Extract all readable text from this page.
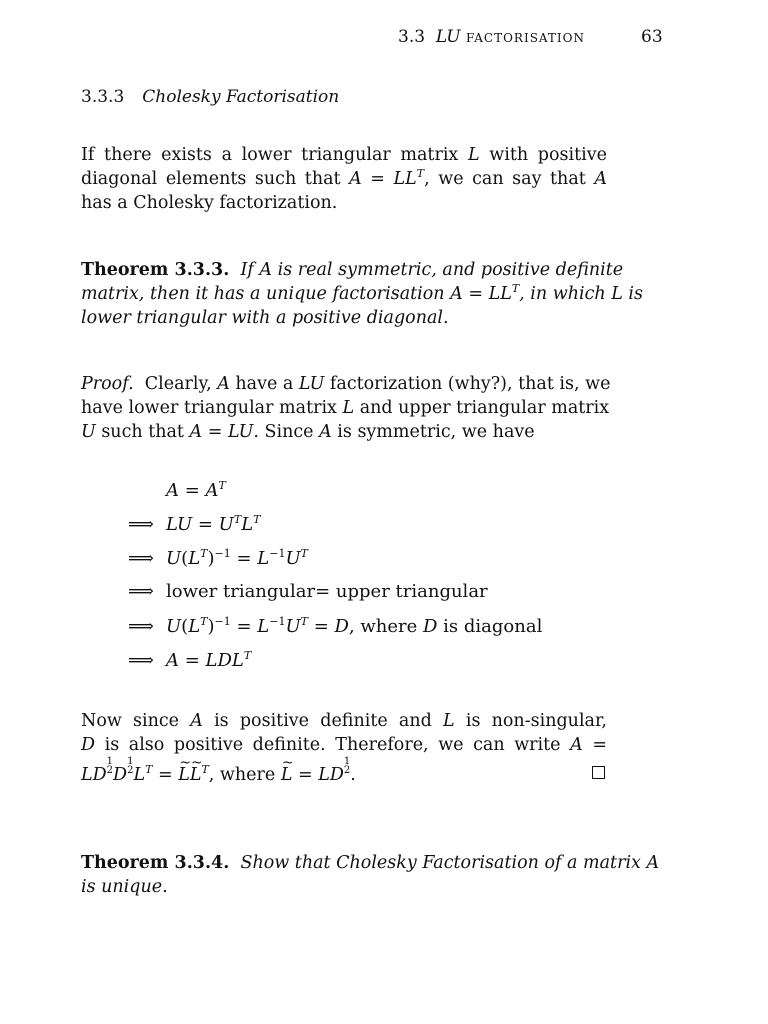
3.3 LU factorisation	63
3.3.3 Cholesky Factorisation
If there exists a lower triangular matrix L with positive
diagonal elements such that $A = LL^T$, we can say that A
has a Cholesky factorization.
Theorem 3.3.3. If A is real symmetric, and positive definite
matrix, then it has a unique factorisation $A = LL^T$, in which L is
lower triangular with a positive diagonal.
Proof.  Clearly, A have a LU factorization (why?), that is, we
have lower triangular matrix L and upper triangular matrix
U such that A = LU. Since A is symmetric, we have
$A = A^T$
⟹ LU = $U^TL^T$
⟹ $U(L^T)^{-1} = L^{-1}U^T$
⟹ lower triangular= upper triangular
⟹ $U(L^T)^{-1} = L^{-1}U^T = D$, where D is diagonal
⟹ $A = LDL^T$
Now since A is positive definite and L is non-singular,
D is also positive definite. Therefore, we can write A =
LD1
2D1
$2L^T$ = ~ L~ $L^T$, where ~ L = LD1
2.
Theorem 3.3.4. Show that Cholesky Factorisation of a matrix A
is unique.
